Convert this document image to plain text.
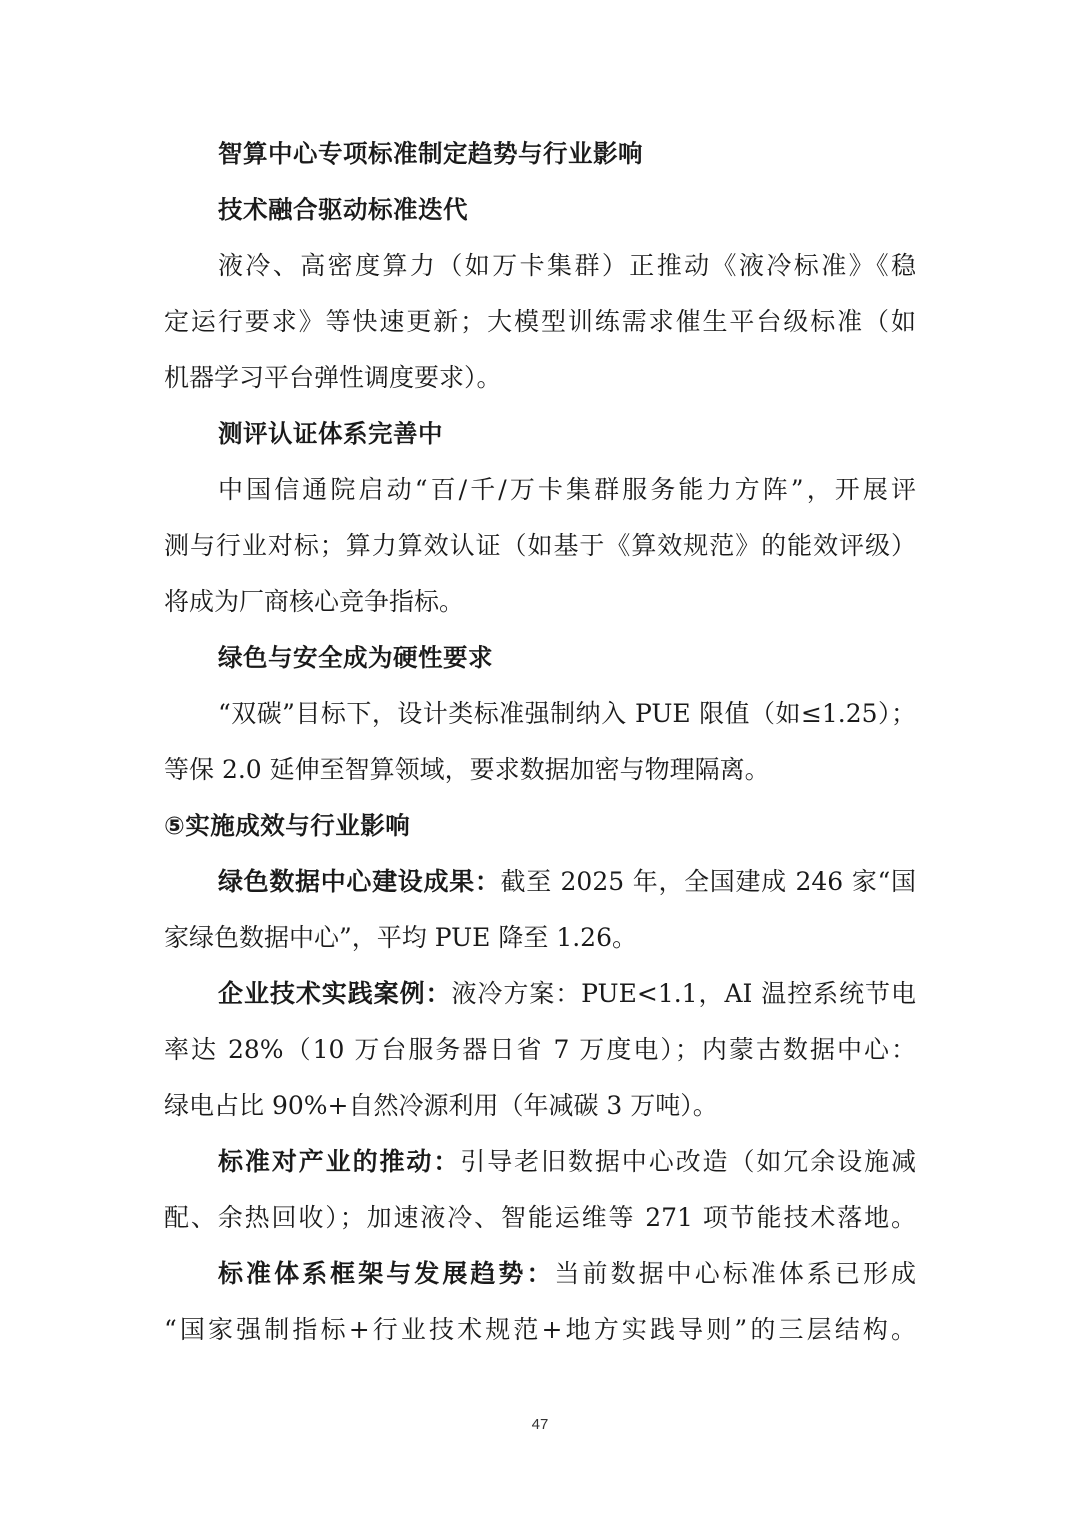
智算中心专项标准制定趋势与行业影响
技术融合驱动标准迭代
液冷、高密度算力（如万卡集群）正推动《液冷标准》《稳
定运行要求》等快速更新；大模型训练需求催生平台级标准（如
机器学习平台弹性调度要求）。
测评认证体系完善中
中国信通院启动“百/千/万卡集群服务能力方阵”，开展评
测与行业对标；算力算效认证（如基于《算效规范》的能效评级）
将成为厂商核心竞争指标。
绿色与安全成为硬性要求
“双碳”目标下，设计类标准强制纳入 PUE 限值（如≤1.25）；
等保 2.0 延伸至智算领域，要求数据加密与物理隔离。
⑤实施成效与行业影响
绿色数据中心建设成果：截至 2025 年，全国建成 246 家“国
家绿色数据中心”，平均 PUE 降至 1.26。
企业技术实践案例：液冷方案：PUE<1.1，AI 温控系统节电
率达 28%（10 万台服务器日省 7 万度电）；内蒙古数据中心：
绿电占比 90%+自然冷源利用（年减碳 3 万吨）。
标准对产业的推动：引导老旧数据中心改造（如冗余设施减
配、余热回收）；加速液冷、智能运维等 271 项节能技术落地。
标准体系框架与发展趋势：当前数据中心标准体系已形成
“国家强制指标+行业技术规范+地方实践导则”的三层结构。
47
